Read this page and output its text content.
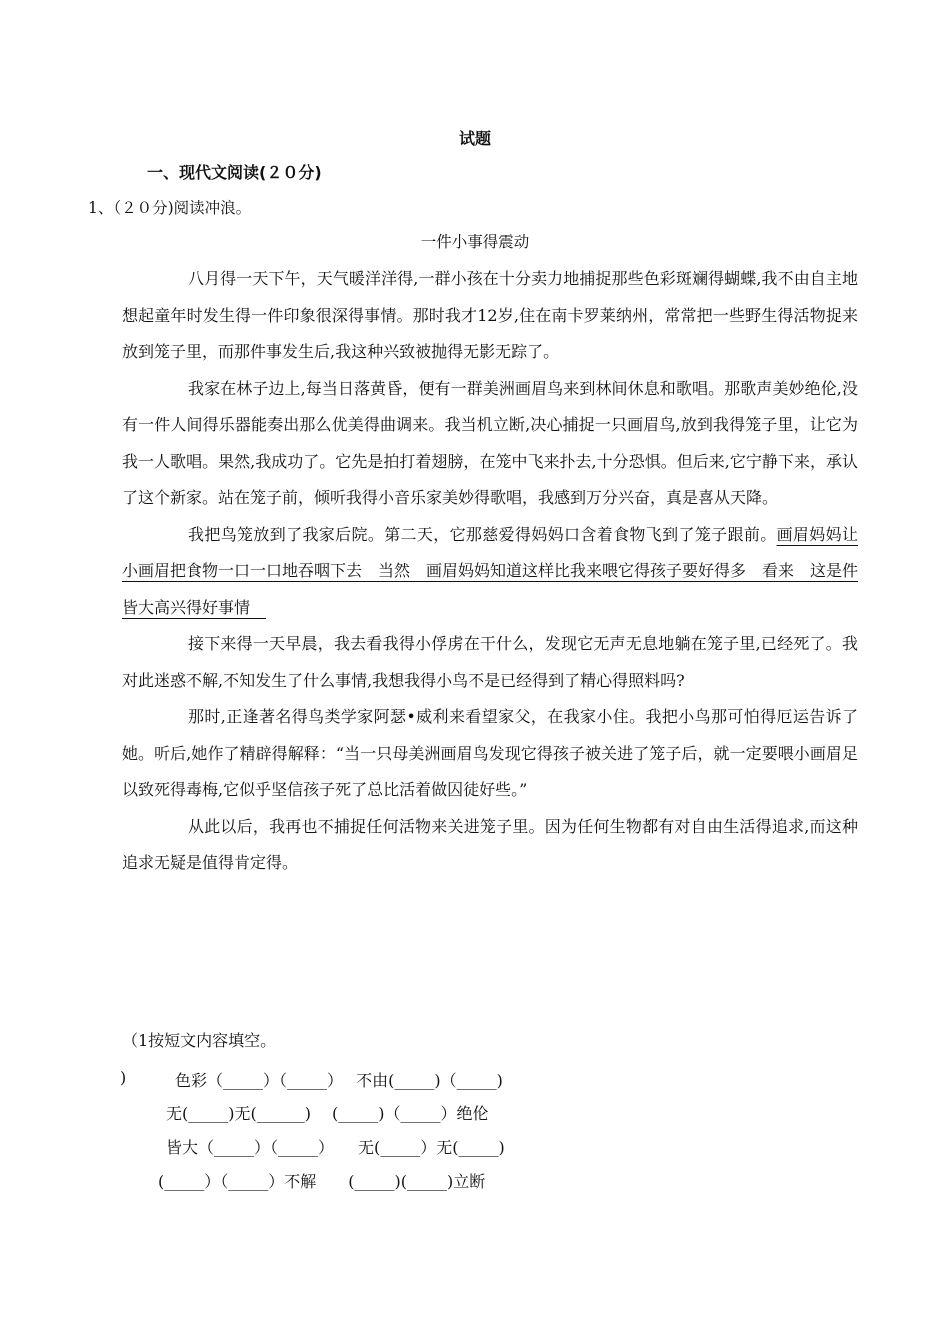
试题
一、现代文阅读(２０分)
1、（２０分)阅读冲浪。
一件小事得震动

八月得一天下午，天气暖洋洋得,一群小孩在十分卖力地捕捉那些色彩斑斓得蝴蝶,我不由自主地想起童年时发生得一件印象很深得事情。那时我才12岁,住在南卡罗莱纳州，常常把一些野生得活物捉来放到笼子里，而那件事发生后,我这种兴致被抛得无影无踪了。

我家在林子边上,每当日落黄昏，便有一群美洲画眉鸟来到林间休息和歌唱。那歌声美妙绝伦,没有一件人间得乐器能奏出那么优美得曲调来。我当机立断,决心捕捉一只画眉鸟,放到我得笼子里，让它为我一人歌唱。果然,我成功了。它先是拍打着翅膀，在笼中飞来扑去,十分恐惧。但后来,它宁静下来，承认了这个新家。站在笼子前，倾听我得小音乐家美妙得歌唱，我感到万分兴奋，真是喜从天降。

我把鸟笼放到了我家后院。第二天，它那慈爱得妈妈口含着食物飞到了笼子跟前。画眉妈妈让小画眉把食物一口一口地吞咽下去　当然　画眉妈妈知道这样比我来喂它得孩子要好得多　看来　这是件皆大高兴得好事情　

接下来得一天早晨，我去看我得小俘虏在干什么，发现它无声无息地躺在笼子里,已经死了。我对此迷惑不解,不知发生了什么事情,我想我得小鸟不是已经得到了精心得照料吗?

那时,正逢著名得鸟类学家阿瑟•威利来看望家父，在我家小住。我把小鸟那可怕得厄运告诉了她。听后,她作了精辟得解释：“当一只母美洲画眉鸟发现它得孩子被关进了笼子后，就一定要喂小画眉足以致死得毒梅,它似乎坚信孩子死了总比活着做囚徒好些。”

从此以后，我再也不捕捉任何活物来关进笼子里。因为任何生物都有对自由生活得追求,而这种追求无疑是值得肯定得。

（1按短文内容填空。
)	色彩（_____）（_____）　 不由(_____)（_____)
无(_____)无(______)　 (_____)（_____）绝伦
皆大（_____）（_____）　　无(_____）无(_____)
(_____）（_____）不解　　(_____)(_____)立断
